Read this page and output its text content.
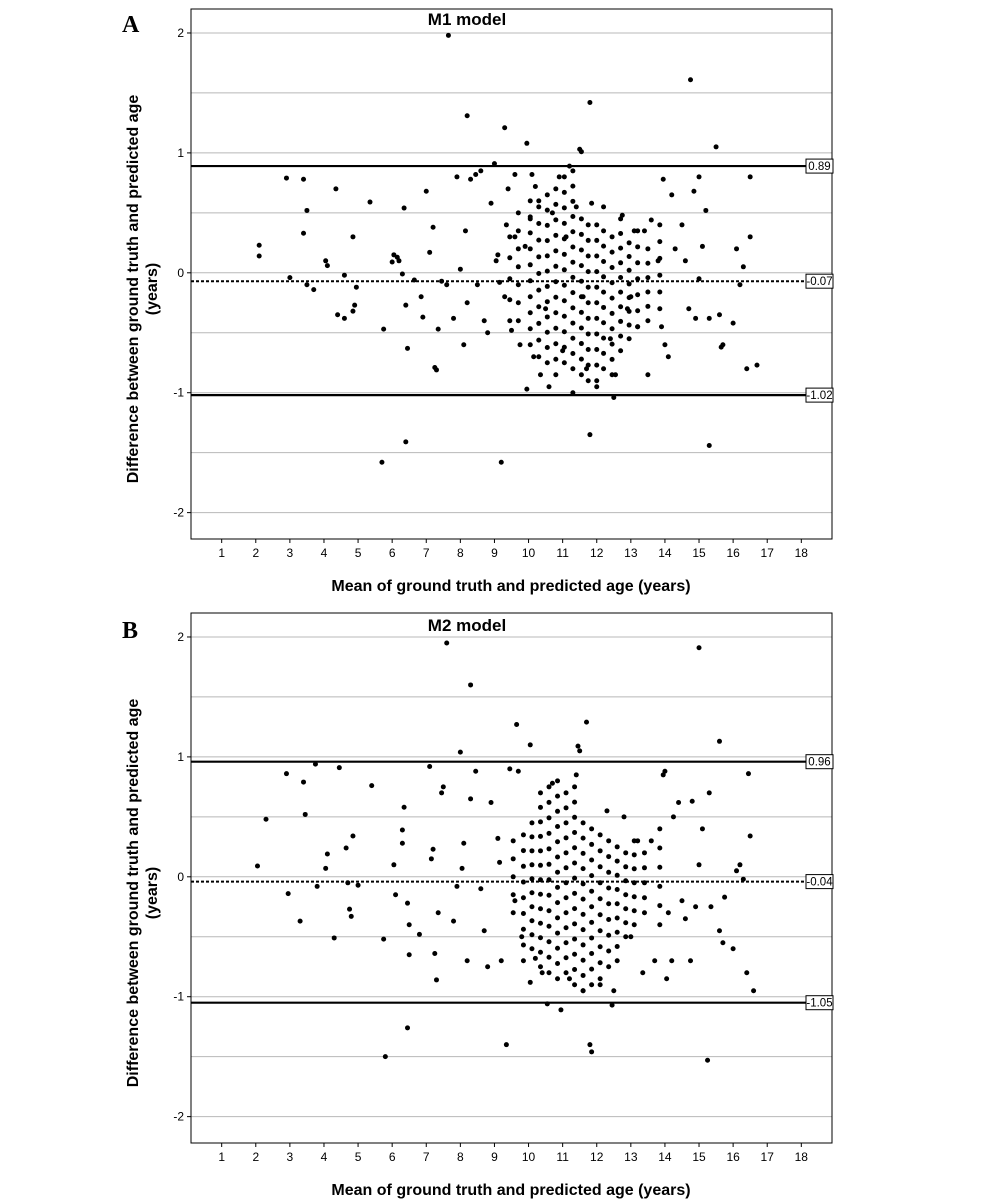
A	M1 model
Mean of ground truth and predicted age (years)
Difference between ground truth and predicted age (years)
-2
-1
0
1
2
1 2 3 4 5 6 7 8 9 10 11 12 13 14 15 16 17 18
0.89
-0.07
-1.02
B	M2 model
Mean of ground truth and predicted age (years)
Difference between ground truth and predicted age (years)
-2
-1
0
1
2
1 2 3 4 5 6 7 8 9 10 11 12 13 14 15 16 17 18
0.96
-0.04
-1.05
